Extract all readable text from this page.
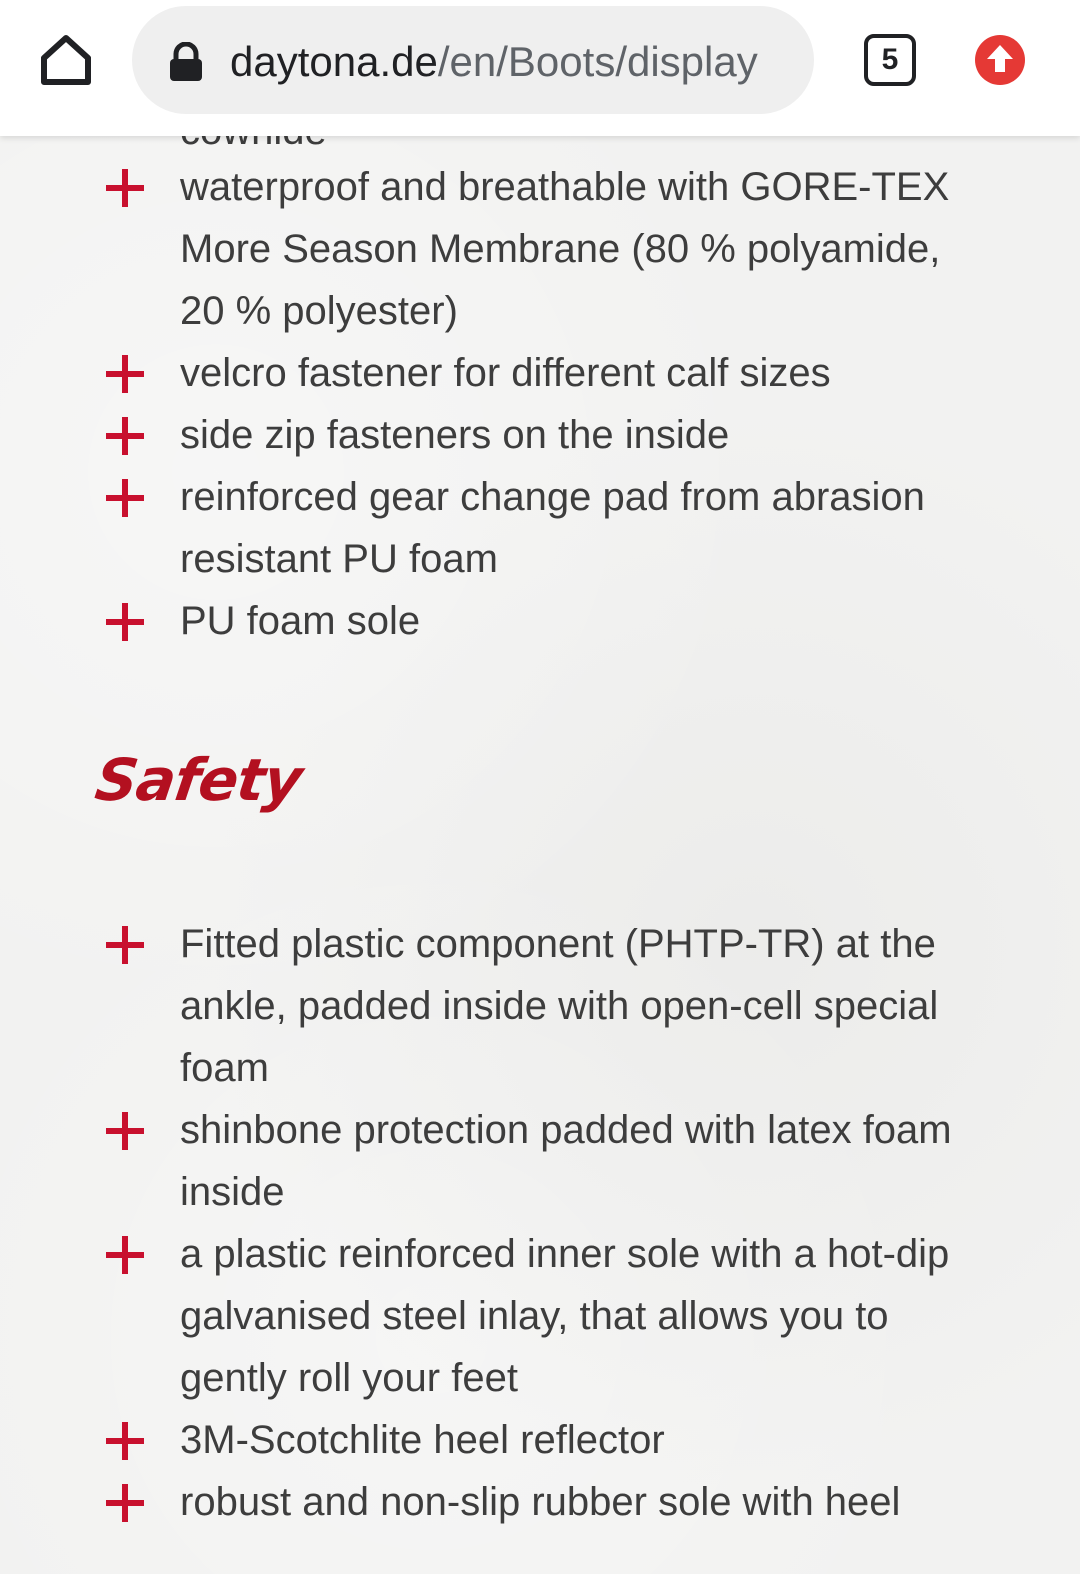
daytona.de/en/Boots/display	5
waterproof and breathable with GORE-TEX More Season Membrane (80 % polyamide, 20 % polyester)
velcro fastener for different calf sizes
side zip fasteners on the inside
reinforced gear change pad from abrasion resistant PU foam
PU foam sole
Safety
Fitted plastic component (PHTP-TR) at the ankle, padded inside with open-cell special foam
shinbone protection padded with latex foam inside
a plastic reinforced inner sole with a hot-dip galvanised steel inlay, that allows you to gently roll your feet
3M-Scotchlite heel reflector
robust and non-slip rubber sole with heel
